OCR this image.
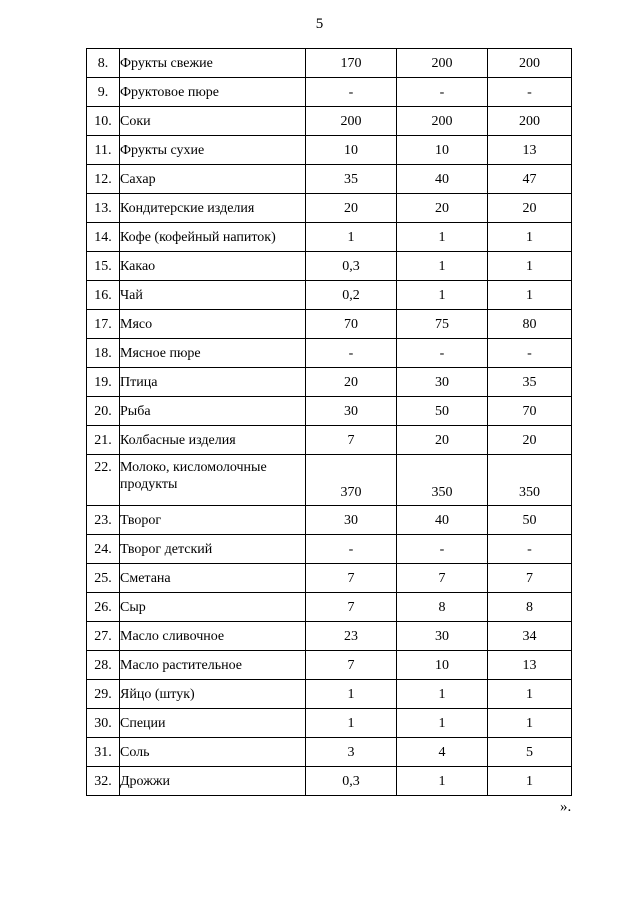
5
8.	Фрукты свежие	170	200	200
9.	Фруктовое пюре	-	-	-
10.	Соки	200	200	200
11.	Фрукты сухие	10	10	13
12.	Сахар	35	40	47
13.	Кондитерские изделия	20	20	20
14.	Кофе (кофейный напиток)	1	1	1
15.	Какао	0,3	1	1
16.	Чай	0,2	1	1
17.	Мясо	70	75	80
18.	Мясное пюре	-	-	-
19.	Птица	20	30	35
20.	Рыба	30	50	70
21.	Колбасные изделия	7	20	20
22.	Молоко, кисломолочные продукты	370	350	350
23.	Творог	30	40	50
24.	Творог детский	-	-	-
25.	Сметана	7	7	7
26.	Сыр	7	8	8
27.	Масло сливочное	23	30	34
28.	Масло растительное	7	10	13
29.	Яйцо (штук)	1	1	1
30.	Специи	1	1	1
31.	Соль	3	4	5
32.	Дрожжи	0,3	1	1
».
